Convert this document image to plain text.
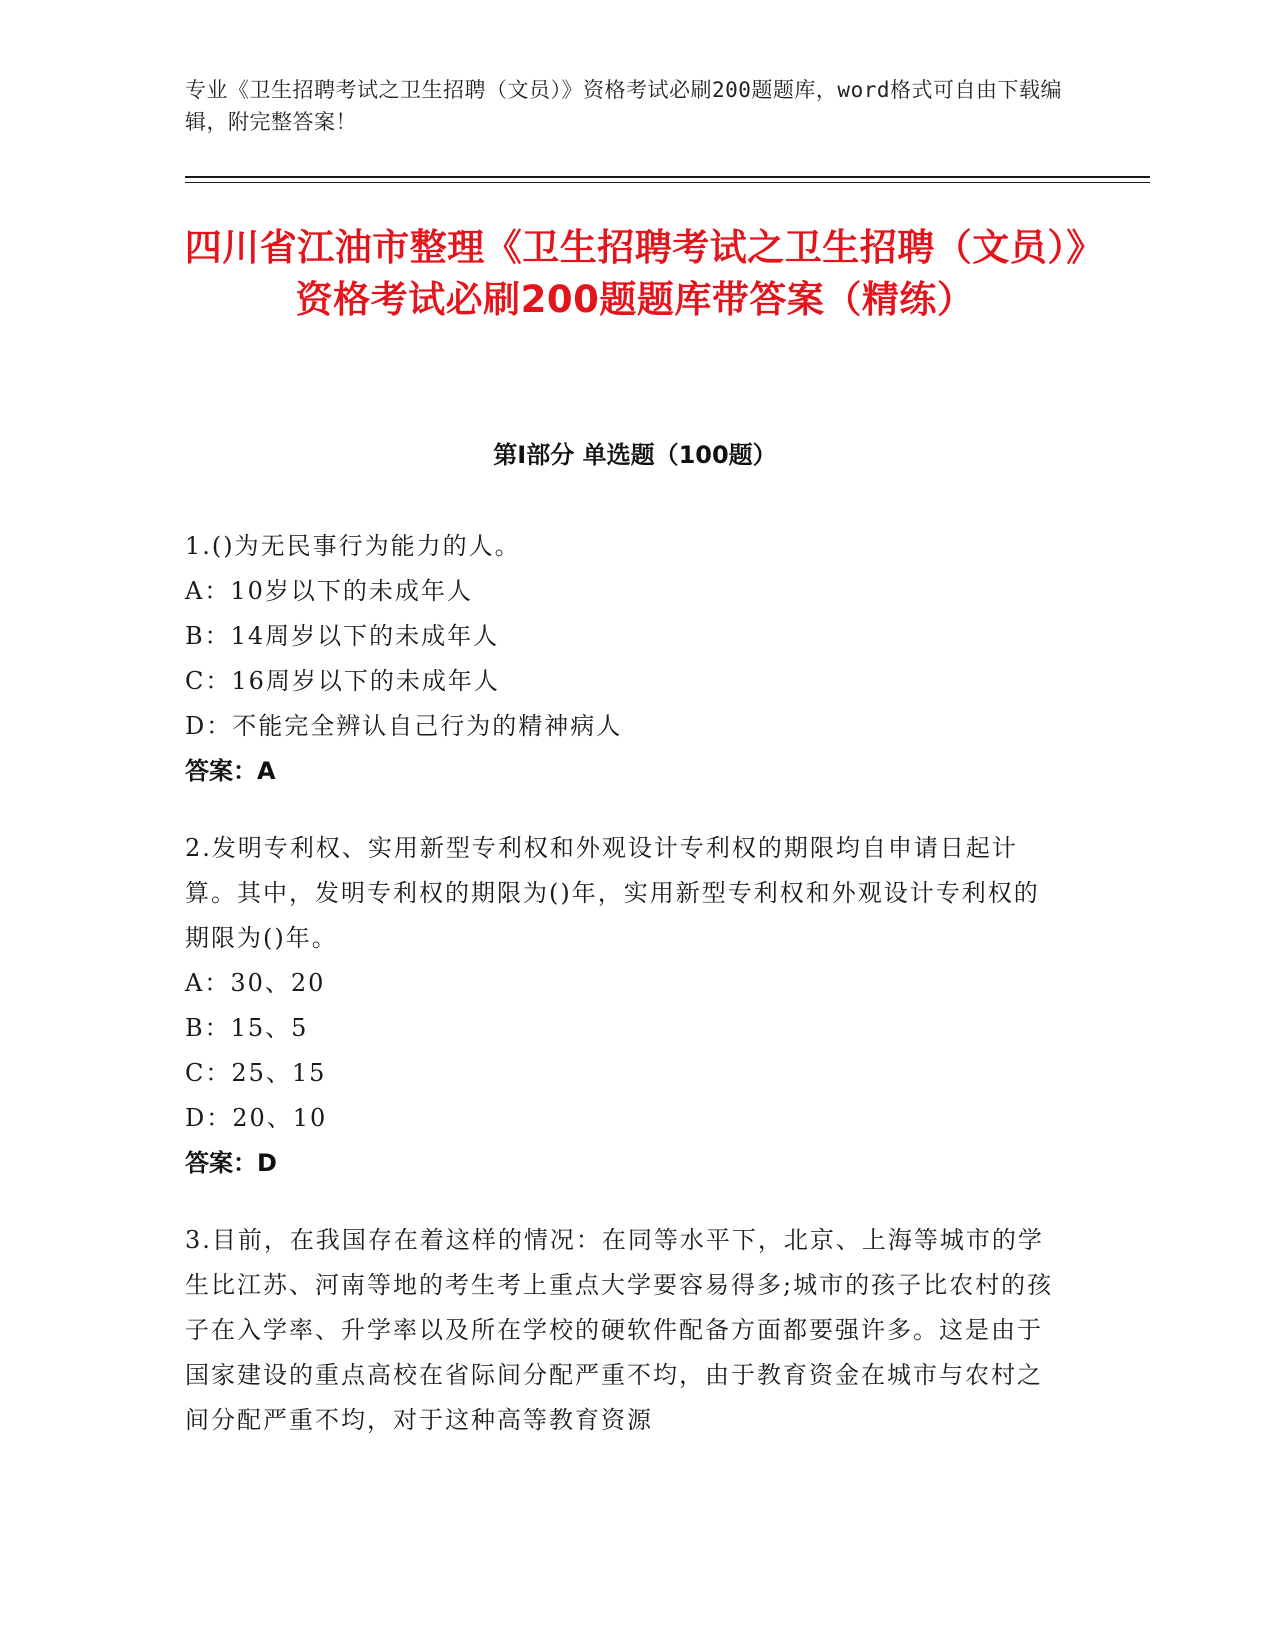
专业《卫生招聘考试之卫生招聘（文员）》资格考试必刷200题题库，word格式可自由下载编辑，附完整答案！
四川省江油市整理《卫生招聘考试之卫生招聘（文员）》资格考试必刷200题题库带答案（精练）
第I部分 单选题（100题）
1.()为无民事行为能力的人。
A：10岁以下的未成年人
B：14周岁以下的未成年人
C：16周岁以下的未成年人
D：不能完全辨认自己行为的精神病人
答案：A
2.发明专利权、实用新型专利权和外观设计专利权的期限均自申请日起计算。其中，发明专利权的期限为()年，实用新型专利权和外观设计专利权的期限为()年。
A：30、20
B：15、5
C：25、15
D：20、10
答案：D
3.目前，在我国存在着这样的情况：在同等水平下，北京、上海等城市的学生比江苏、河南等地的考生考上重点大学要容易得多;城市的孩子比农村的孩子在入学率、升学率以及所在学校的硬软件配备方面都要强许多。这是由于国家建设的重点高校在省际间分配严重不均，由于教育资金在城市与农村之间分配严重不均，对于这种高等教育资源
